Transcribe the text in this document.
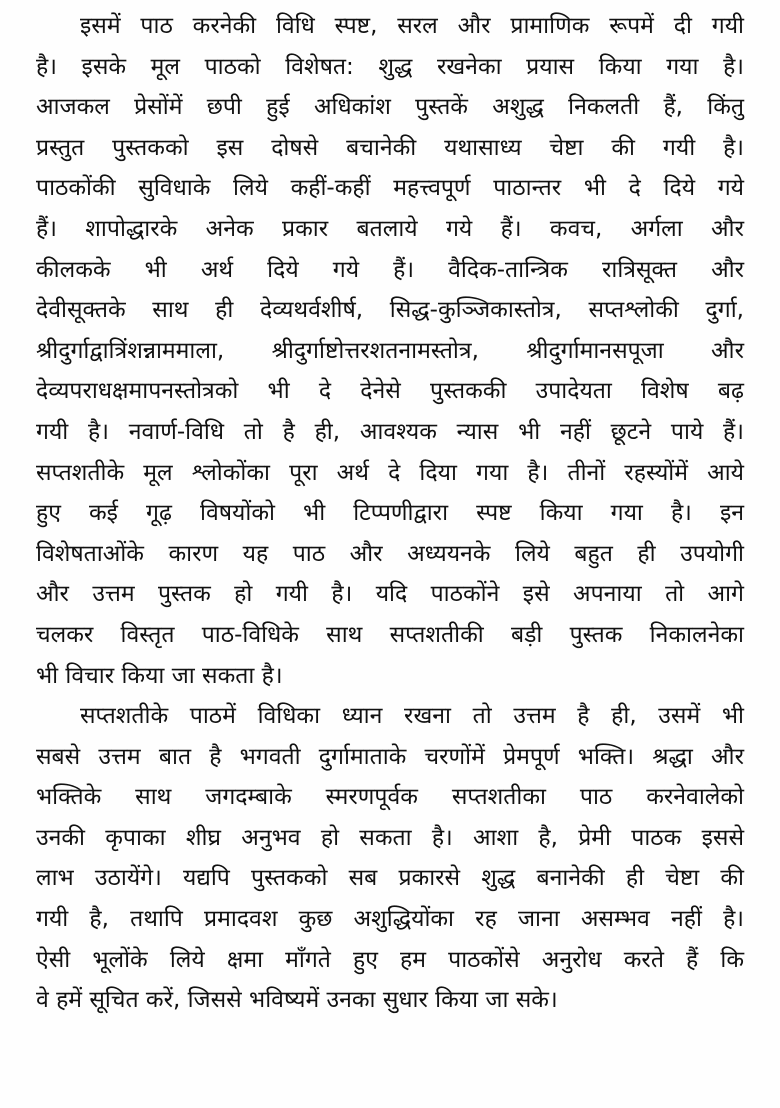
इसमें पाठ करनेकी विधि स्पष्ट, सरल और प्रामाणिक रूपमें दी गयी
है। इसके मूल पाठको विशेषत: शुद्ध रखनेका प्रयास किया गया है।
आजकल प्रेसोंमें छपी हुई अधिकांश पुस्तकें अशुद्ध निकलती हैं, किंतु
प्रस्तुत पुस्तकको इस दोषसे बचानेकी यथासाध्य चेष्टा की गयी है।
पाठकोंकी सुविधाके लिये कहीं-कहीं महत्त्वपूर्ण पाठान्तर भी दे दिये गये
हैं। शापोद्धारके अनेक प्रकार बतलाये गये हैं। कवच, अर्गला और
कीलकके भी अर्थ दिये गये हैं। वैदिक-तान्त्रिक रात्रिसूक्त और
देवीसूक्तके साथ ही देव्यथर्वशीर्ष, सिद्ध-कुञ्जिकास्तोत्र, सप्तश्लोकी दुर्गा,
श्रीदुर्गाद्वात्रिंशन्नाममाला, श्रीदुर्गाष्टोत्तरशतनामस्तोत्र, श्रीदुर्गामानसपूजा और
देव्यपराधक्षमापनस्तोत्रको भी दे देनेसे पुस्तककी उपादेयता विशेष बढ़
गयी है। नवार्ण-विधि तो है ही, आवश्यक न्यास भी नहीं छूटने पाये हैं।
सप्तशतीके मूल श्लोकोंका पूरा अर्थ दे दिया गया है। तीनों रहस्योंमें आये
हुए कई गूढ़ विषयोंको भी टिप्पणीद्वारा स्पष्ट किया गया है। इन
विशेषताओंके कारण यह पाठ और अध्ययनके लिये बहुत ही उपयोगी
और उत्तम पुस्तक हो गयी है। यदि पाठकोंने इसे अपनाया तो आगे
चलकर विस्तृत पाठ-विधिके साथ सप्तशतीकी बड़ी पुस्तक निकालनेका
भी विचार किया जा सकता है।
सप्तशतीके पाठमें विधिका ध्यान रखना तो उत्तम है ही, उसमें भी
सबसे उत्तम बात है भगवती दुर्गामाताके चरणोंमें प्रेमपूर्ण भक्ति। श्रद्धा और
भक्तिके साथ जगदम्बाके स्मरणपूर्वक सप्तशतीका पाठ करनेवालेको
उनकी कृपाका शीघ्र अनुभव हो सकता है। आशा है, प्रेमी पाठक इससे
लाभ उठायेंगे। यद्यपि पुस्तकको सब प्रकारसे शुद्ध बनानेकी ही चेष्टा की
गयी है, तथापि प्रमादवश कुछ अशुद्धियोंका रह जाना असम्भव नहीं है।
ऐसी भूलोंके लिये क्षमा माँगते हुए हम पाठकोंसे अनुरोध करते हैं कि
वे हमें सूचित करें, जिससे भविष्यमें उनका सुधार किया जा सके।
